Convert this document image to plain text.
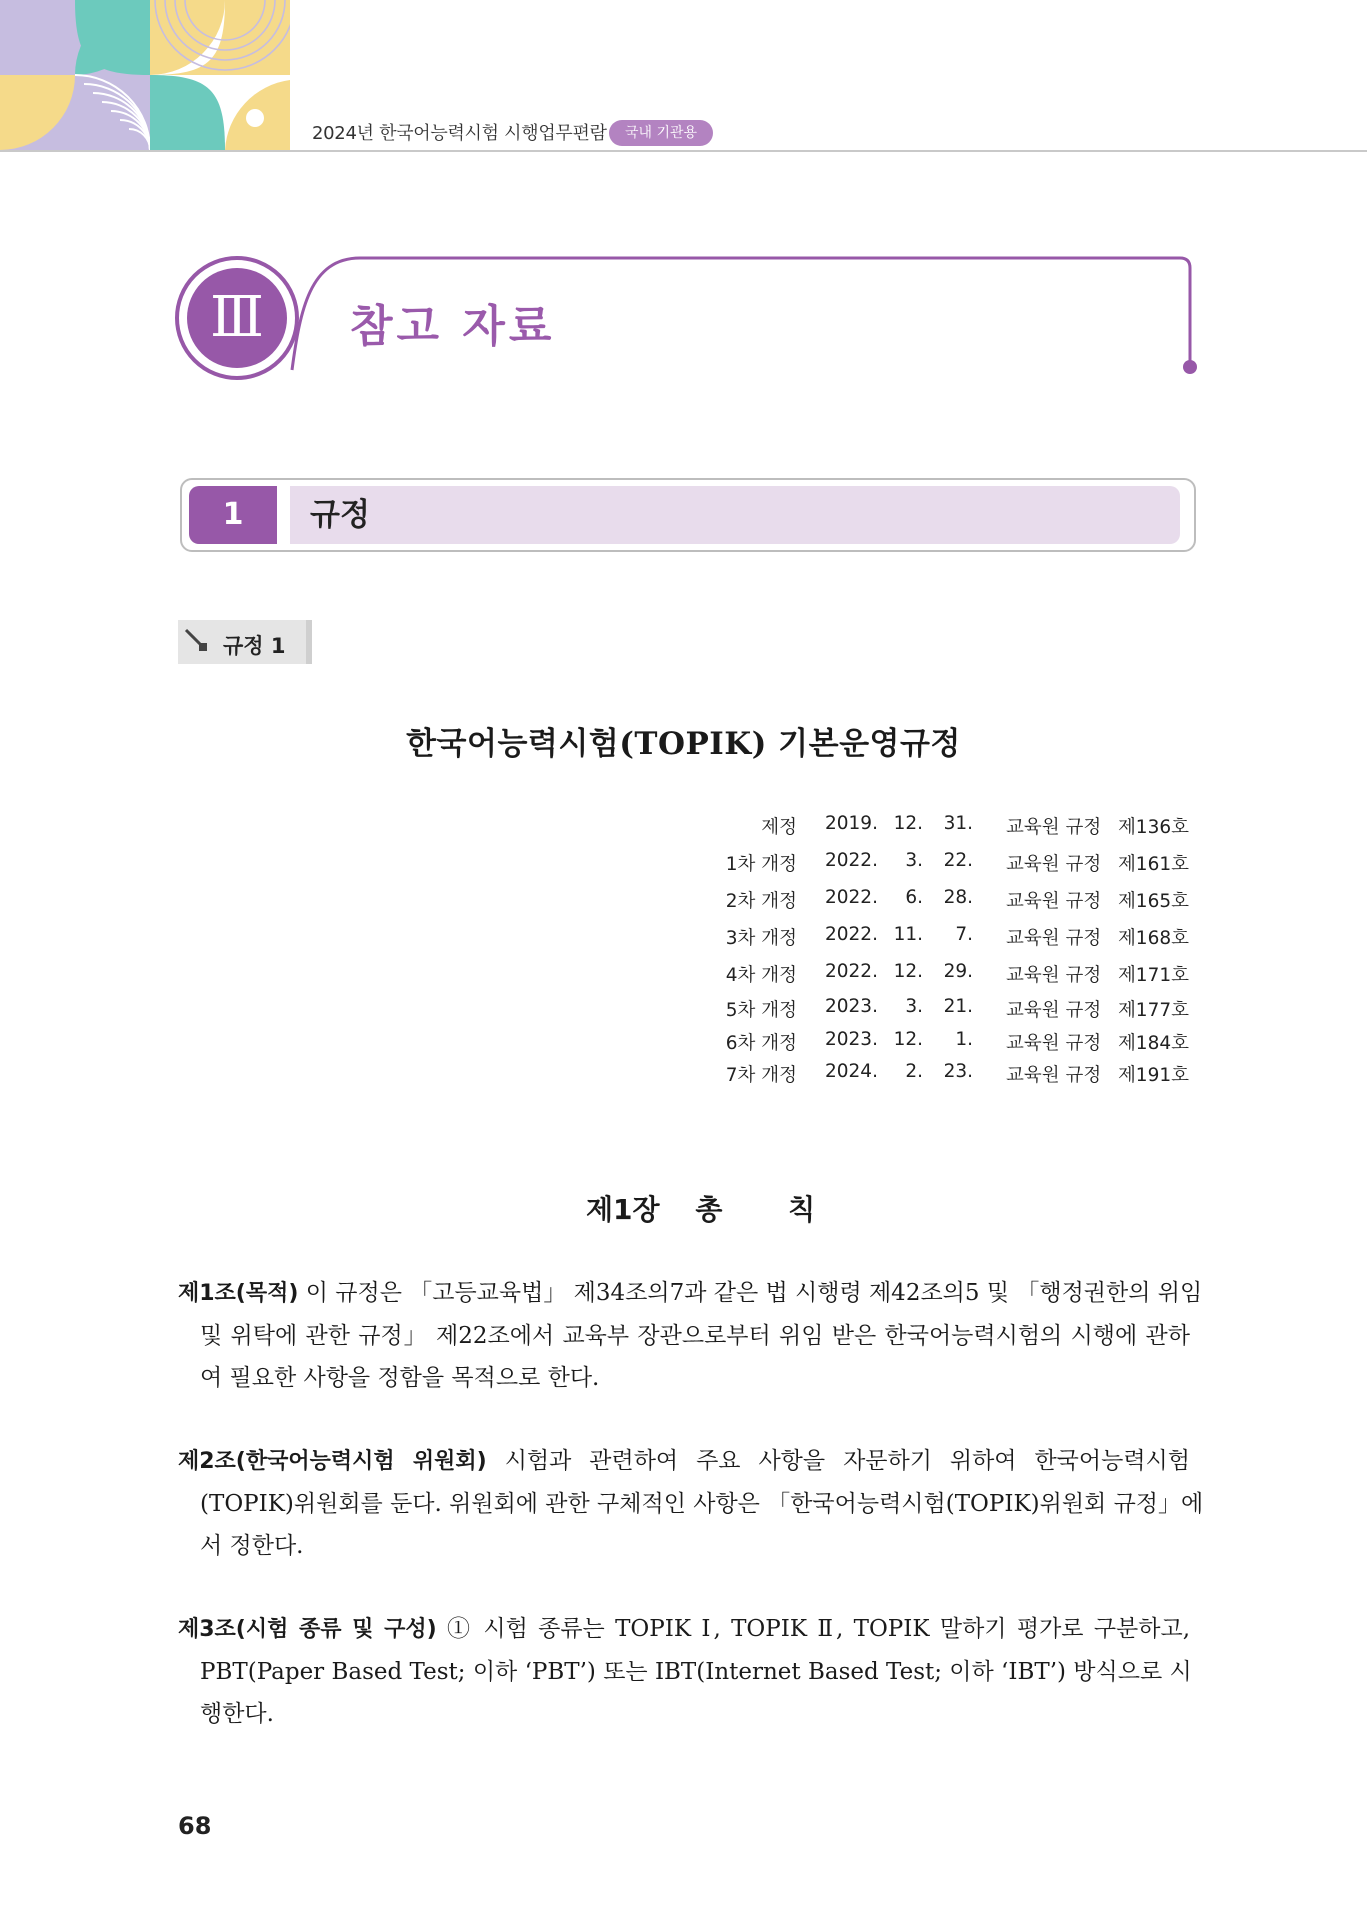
2024년 한국어능력시험 시행업무편람	국내 기관용
Ⅲ	참고 자료
1	규정
규정 1
한국어능력시험(TOPIK) 기본운영규정
제정 2019. 12. 31. 교육원 규정 제136호
1차 개정 2022. 3. 22. 교육원 규정 제161호
2차 개정 2022. 6. 28. 교육원 규정 제165호
3차 개정 2022. 11. 7. 교육원 규정 제168호
4차 개정 2022. 12. 29. 교육원 규정 제171호
5차 개정 2023. 3. 21. 교육원 규정 제177호
6차 개정 2023. 12. 1. 교육원 규정 제184호
7차 개정 2024. 2. 23. 교육원 규정 제191호
제1장 총 칙
제1조(목적) 이 규정은 「고등교육법」 제34조의7과 같은 법 시행령 제42조의5 및 「행정권한의 위임
및 위탁에 관한 규정」 제22조에서 교육부 장관으로부터 위임 받은 한국어능력시험의 시행에 관하
여 필요한 사항을 정함을 목적으로 한다.
제2조(한국어능력시험 위원회) 시험과 관련하여 주요 사항을 자문하기 위하여 한국어능력시험
(TOPIK)위원회를 둔다. 위원회에 관한 구체적인 사항은 「한국어능력시험(TOPIK)위원회 규정」에
서 정한다.
제3조(시험 종류 및 구성) ① 시험 종류는 TOPIK Ⅰ, TOPIK Ⅱ, TOPIK 말하기 평가로 구분하고,
PBT(Paper Based Test; 이하 ‘PBT’) 또는 IBT(Internet Based Test; 이하 ‘IBT’) 방식으로 시
행한다.
68
